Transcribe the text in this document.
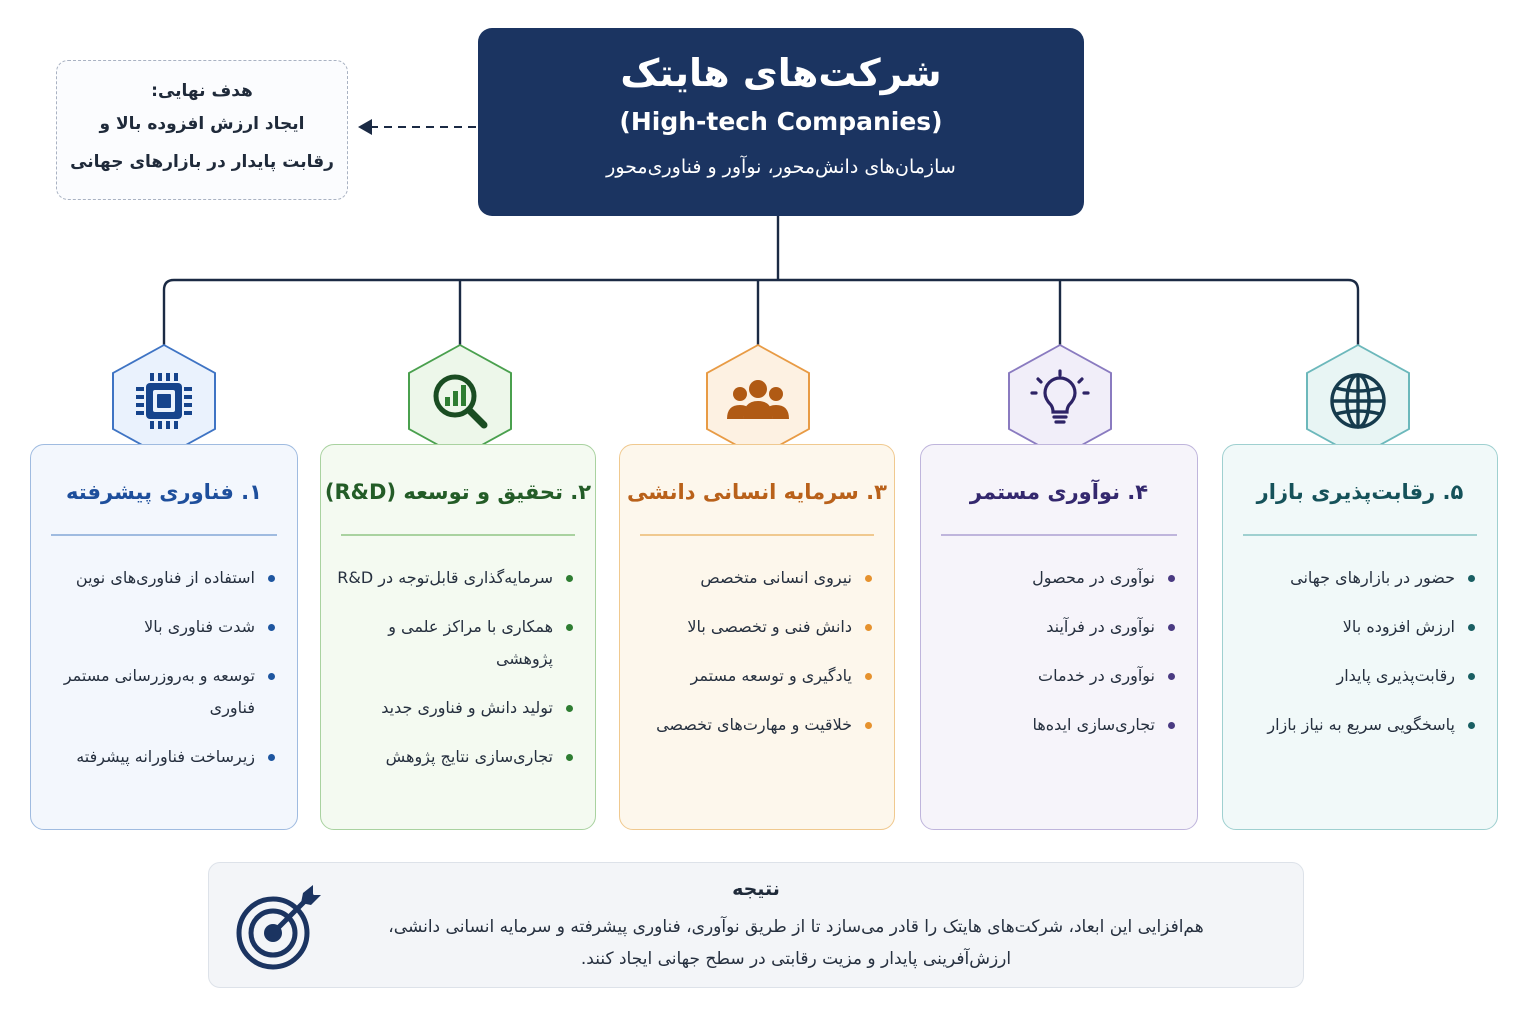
شرکت‌های هایتک
(High-tech Companies)
سازمان‌های دانش‌محور، نوآور و فناوری‌محور
هدف نهایی:
ایجاد ارزش افزوده بالا و
رقابت پایدار در بازارهای جهانی
۱. فناوری پیشرفته
استفاده از فناوری‌های نوین
شدت فناوری بالا
توسعه و به‌روزرسانی مستمر فناوری
زیرساخت فناورانه پیشرفته
۲. تحقیق و توسعه (R&D)
سرمایه‌گذاری قابل‌توجه در R&D
همکاری با مراکز علمی و پژوهشی
تولید دانش و فناوری جدید
تجاری‌سازی نتایج پژوهش
۳. سرمایه انسانی دانشی
نیروی انسانی متخصص
دانش فنی و تخصصی بالا
یادگیری و توسعه مستمر
خلاقیت و مهارت‌های تخصصی
۴. نوآوری مستمر
نوآوری در محصول
نوآوری در فرآیند
نوآوری در خدمات
تجاری‌سازی ایده‌ها
۵. رقابت‌پذیری بازار
حضور در بازارهای جهانی
ارزش افزوده بالا
رقابت‌پذیری پایدار
پاسخگویی سریع به نیاز بازار
نتیجه
هم‌افزایی این ابعاد، شرکت‌های هایتک را قادر می‌سازد تا از طریق نوآوری، فناوری پیشرفته و سرمایه انسانی دانشی،
ارزش‌آفرینی پایدار و مزیت رقابتی در سطح جهانی ایجاد کنند.
